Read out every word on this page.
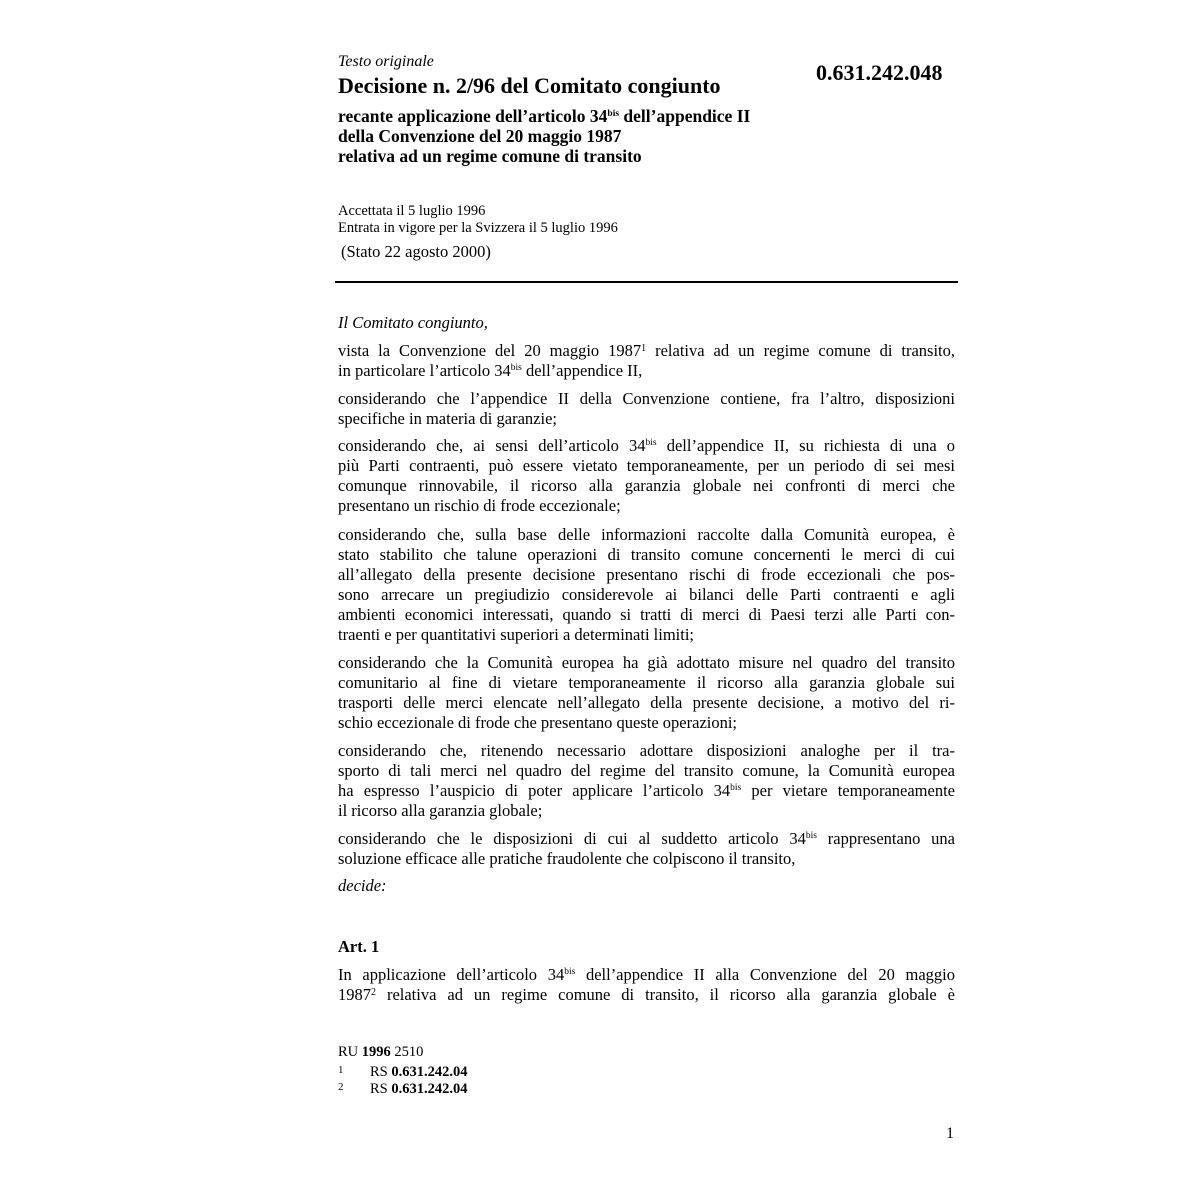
Testo originale
Decisione n. 2/96 del Comitato congiunto
0.631.242.048
recante applicazione dell’articolo $34^{bis}$ dell’appendice II
della Convenzione del 20 maggio 1987
relativa ad un regime comune di transito
Accettata il 5 luglio 1996
Entrata in vigore per la Svizzera il 5 luglio 1996
(Stato 22 agosto 2000)
Il Comitato congiunto,
vista la Convenzione del 20 maggio 1987$^1$ relativa ad un regime comune di transito,
in particolare l’articolo $34^{bis}$ dell’appendice II,
considerando che l’appendice II della Convenzione contiene, fra l’altro, disposizioni
specifiche in materia di garanzie;
considerando che, ai sensi dell’articolo $34^{bis}$ dell’appendice II, su richiesta di una o
più Parti contraenti, può essere vietato temporaneamente, per un periodo di sei mesi
comunque rinnovabile, il ricorso alla garanzia globale nei confronti di merci che
presentano un rischio di frode eccezionale;
considerando che, sulla base delle informazioni raccolte dalla Comunità europea, è
stato stabilito che talune operazioni di transito comune concernenti le merci di cui
all’allegato della presente decisione presentano rischi di frode eccezionali che pos-
sono arrecare un pregiudizio considerevole ai bilanci delle Parti contraenti e agli
ambienti economici interessati, quando si tratti di merci di Paesi terzi alle Parti con-
traenti e per quantitativi superiori a determinati limiti;
considerando che la Comunità europea ha già adottato misure nel quadro del transito
comunitario al fine di vietare temporaneamente il ricorso alla garanzia globale sui
trasporti delle merci elencate nell’allegato della presente decisione, a motivo del ri-
schio eccezionale di frode che presentano queste operazioni;
considerando che, ritenendo necessario adottare disposizioni analoghe per il tra-
sporto di tali merci nel quadro del regime del transito comune, la Comunità europea
ha espresso l’auspicio di poter applicare l’articolo $34^{bis}$ per vietare temporaneamente
il ricorso alla garanzia globale;
considerando che le disposizioni di cui al suddetto articolo $34^{bis}$ rappresentano una
soluzione efficace alle pratiche fraudolente che colpiscono il transito,
decide:
Art. 1
In applicazione dell’articolo $34^{bis}$ dell’appendice II alla Convenzione del 20 maggio
1987$^2$ relativa ad un regime comune di transito, il ricorso alla garanzia globale è
RU 1996 2510
1 RS 0.631.242.04
2 RS 0.631.242.04
1
